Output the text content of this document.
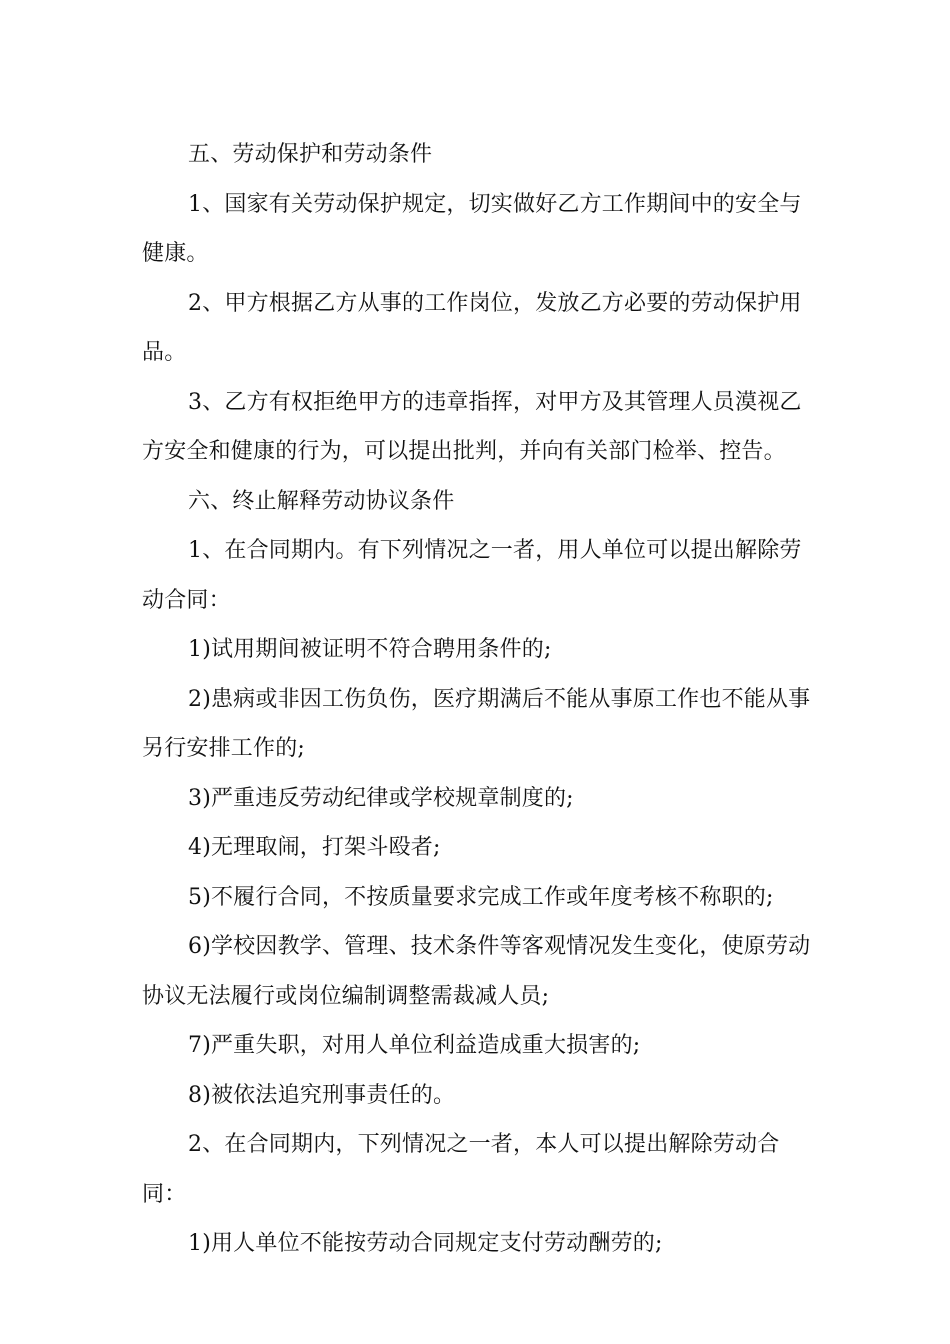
五、劳动保护和劳动条件

1、国家有关劳动保护规定，切实做好乙方工作期间中的安全与健康。

2、甲方根据乙方从事的工作岗位，发放乙方必要的劳动保护用品。

3、乙方有权拒绝甲方的违章指挥，对甲方及其管理人员漠视乙方安全和健康的行为，可以提出批判，并向有关部门检举、控告。

六、终止解释劳动协议条件

1、在合同期内。有下列情况之一者，用人单位可以提出解除劳动合同：

1)试用期间被证明不符合聘用条件的;

2)患病或非因工伤负伤，医疗期满后不能从事原工作也不能从事另行安排工作的;

3)严重违反劳动纪律或学校规章制度的;

4)无理取闹，打架斗殴者;

5)不履行合同，不按质量要求完成工作或年度考核不称职的;

6)学校因教学、管理、技术条件等客观情况发生变化，使原劳动协议无法履行或岗位编制调整需裁减人员;

7)严重失职，对用人单位利益造成重大损害的;

8)被依法追究刑事责任的。

2、在合同期内，下列情况之一者，本人可以提出解除劳动合同：

1)用人单位不能按劳动合同规定支付劳动酬劳的;
